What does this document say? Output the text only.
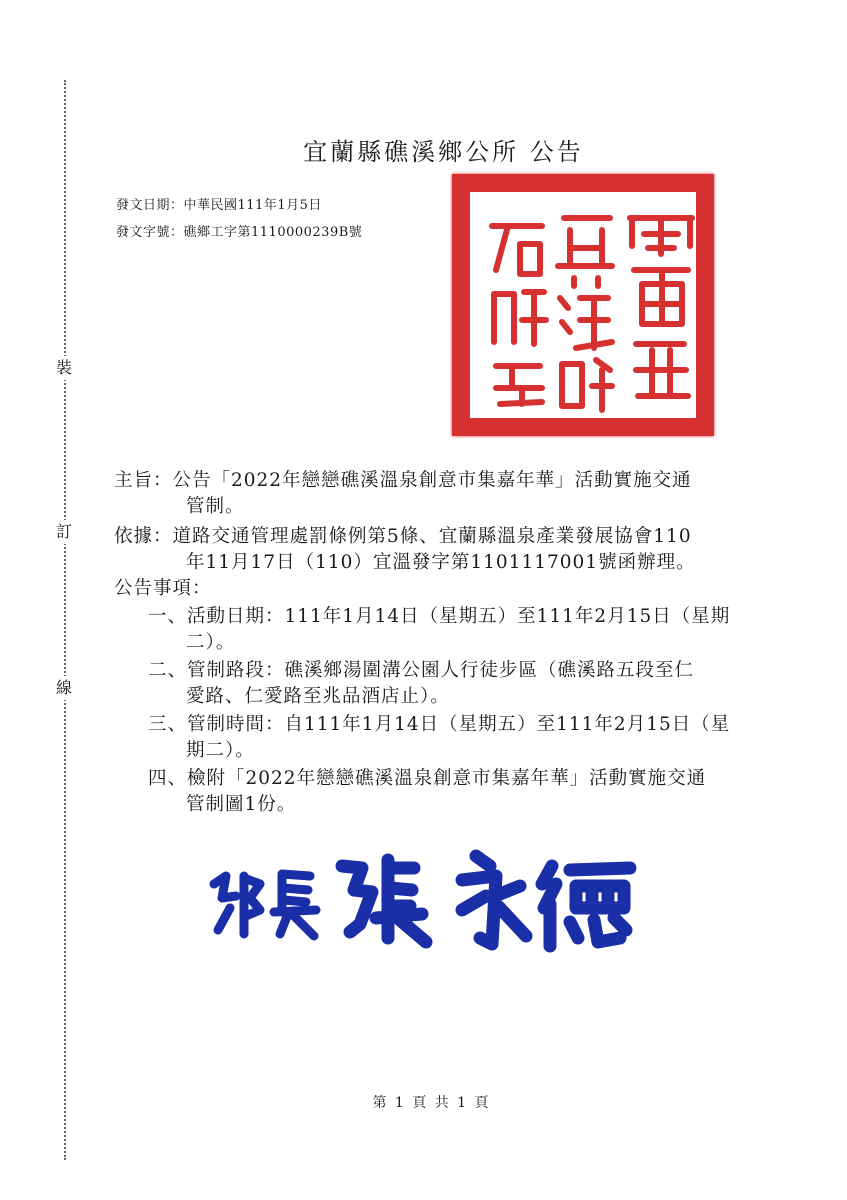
裝
訂
線
宜蘭縣礁溪鄉公所 公告
發文日期：中華民國111年1月5日
發文字號：礁鄉工字第1110000239B號
主旨：公告「2022年戀戀礁溪溫泉創意市集嘉年華」活動實施交通
管制。
依據：道路交通管理處罰條例第5條、宜蘭縣溫泉產業發展協會110
年11月17日（110）宜溫發字第1101117001號函辦理。
公告事項：
一、活動日期：111年1月14日（星期五）至111年2月15日（星期
二）。
二、管制路段：礁溪鄉湯圍溝公園人行徒步區（礁溪路五段至仁
愛路、仁愛路至兆品酒店止）。
三、管制時間：自111年1月14日（星期五）至111年2月15日（星
期二）。
四、檢附「2022年戀戀礁溪溫泉創意市集嘉年華」活動實施交通
管制圖1份。
第 1 頁 共 1 頁
